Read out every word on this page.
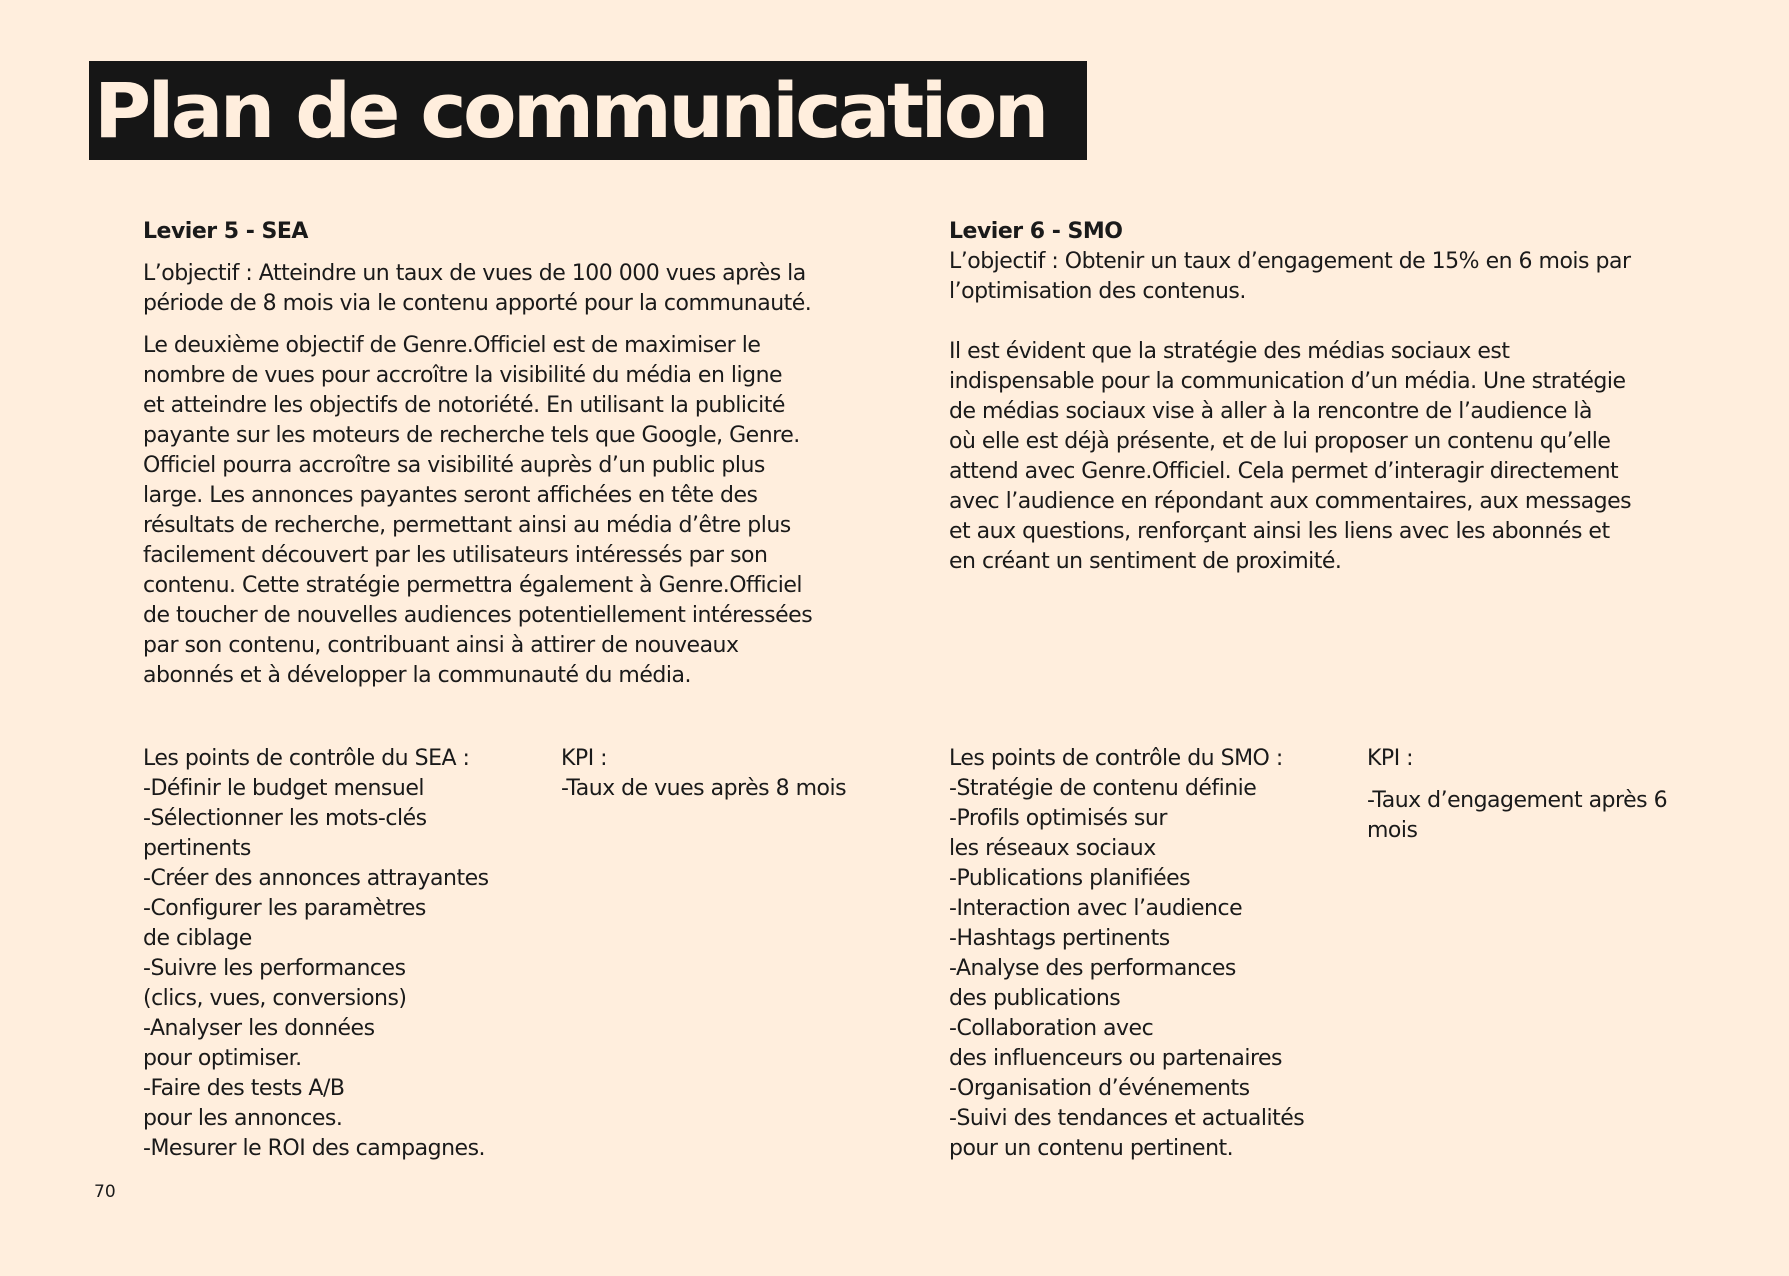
Plan de communication

Levier 5 - SEA

L’objectif : Atteindre un taux de vues de 100 000 vues après la
période de 8 mois via le contenu apporté pour la communauté.

Le deuxième objectif de Genre.Officiel est de maximiser le
nombre de vues pour accroître la visibilité du média en ligne
et atteindre les objectifs de notoriété. En utilisant la publicité
payante sur les moteurs de recherche tels que Google, Genre.
Officiel pourra accroître sa visibilité auprès d’un public plus
large. Les annonces payantes seront affichées en tête des
résultats de recherche, permettant ainsi au média d’être plus
facilement découvert par les utilisateurs intéressés par son
contenu. Cette stratégie permettra également à Genre.Officiel
de toucher de nouvelles audiences potentiellement intéressées
par son contenu, contribuant ainsi à attirer de nouveaux
abonnés et à développer la communauté du média.

Levier 6 - SMO

L’objectif : Obtenir un taux d’engagement de 15% en 6 mois par
l’optimisation des contenus.

Il est évident que la stratégie des médias sociaux est
indispensable pour la communication d’un média. Une stratégie
de médias sociaux vise à aller à la rencontre de l’audience là
où elle est déjà présente, et de lui proposer un contenu qu’elle
attend avec Genre.Officiel. Cela permet d’interagir directement
avec l’audience en répondant aux commentaires, aux messages
et aux questions, renforçant ainsi les liens avec les abonnés et
en créant un sentiment de proximité.

Les points de contrôle du SEA :

-Définir le budget mensuel
-Sélectionner les mots-clés
pertinents
-Créer des annonces attrayantes
-Configurer les paramètres
de ciblage
-Suivre les performances
(clics, vues, conversions)
-Analyser les données
pour optimiser.
-Faire des tests A/B
pour les annonces.
-Mesurer le ROI des campagnes.

KPI :

-Taux de vues après 8 mois

Les points de contrôle du SMO :

-Stratégie de contenu définie
-Profils optimisés sur
les réseaux sociaux
-Publications planifiées
-Interaction avec l’audience
-Hashtags pertinents
-Analyse des performances
des publications
-Collaboration avec
des influenceurs ou partenaires
-Organisation d’événements
-Suivi des tendances et actualités
pour un contenu pertinent.

KPI :

-Taux d’engagement après 6
mois

70
